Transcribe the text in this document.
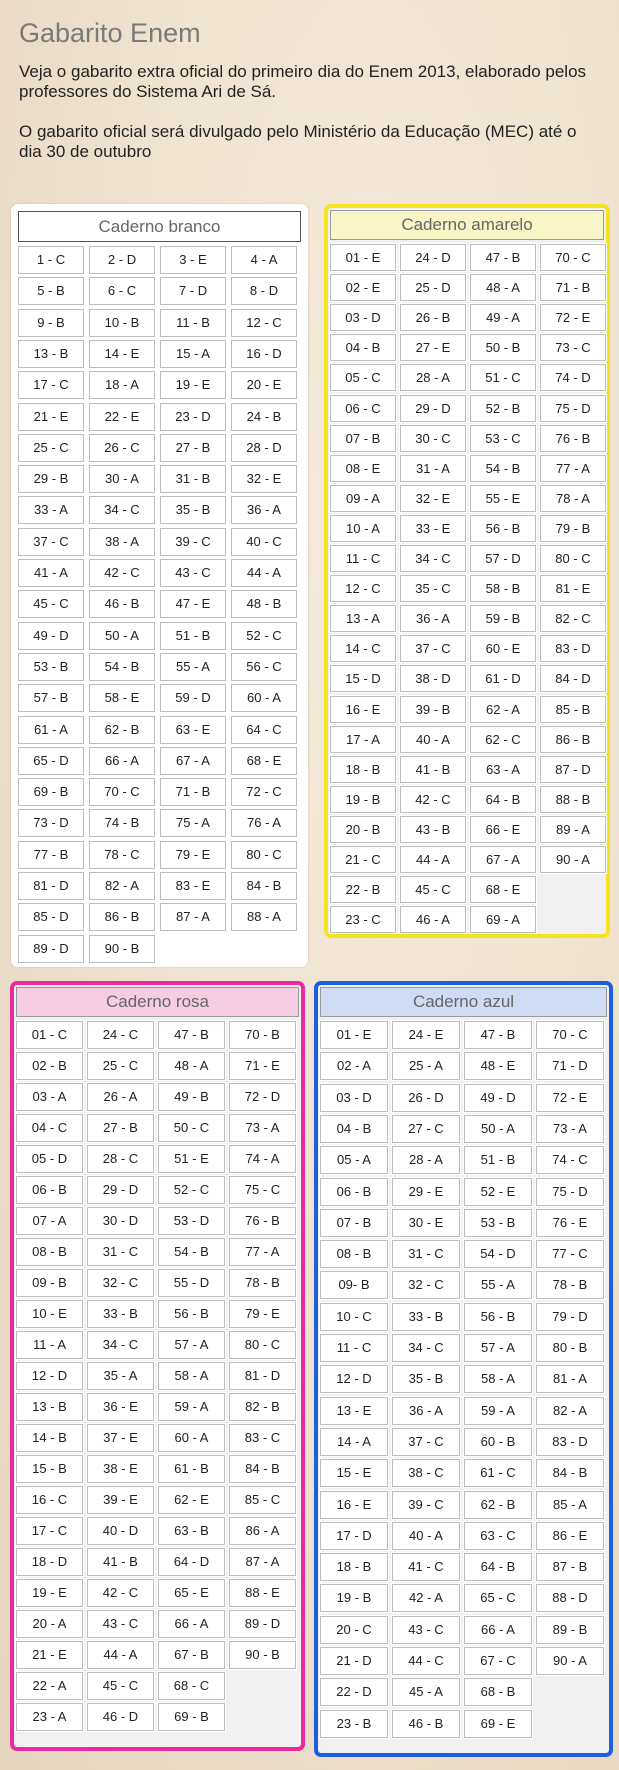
Gabarito Enem

Veja o gabarito extra oficial do primeiro dia do Enem 2013, elaborado pelos professores do Sistema Ari de Sá.

O gabarito oficial será divulgado pelo Ministério da Educação (MEC) até o dia 30 de outubro

Caderno branco
1 - C
5 - B
9 - B
13 - B
17 - C
21 - E
25 - C
29 - B
33 - A
37 - C
41 - A
45 - C
49 - D
53 - B
57 - B
61 - A
65 - D
69 - B
73 - D
77 - B
81 - D
85 - D
89 - D
2 - D
6 - C
10 - B
14 - E
18 - A
22 - E
26 - C
30 - A
34 - C
38 - A
42 - C
46 - B
50 - A
54 - B
58 - E
62 - B
66 - A
70 - C
74 - B
78 - C
82 - A
86 - B
90 - B
3 - E
7 - D
11 - B
15 - A
19 - E
23 - D
27 - B
31 - B
35 - B
39 - C
43 - C
47 - E
51 - B
55 - A
59 - D
63 - E
67 - A
71 - B
75 - A
79 - E
83 - E
87 - A
4 - A
8 - D
12 - C
16 - D
20 - E
24 - B
28 - D
32 - E
36 - A
40 - C
44 - A
48 - B
52 - C
56 - C
60 - A
64 - C
68 - E
72 - C
76 - A
80 - C
84 - B
88 - A
Caderno amarelo
01 - E
02 - E
03 - D
04 - B
05 - C
06 - C
07 - B
08 - E
09 - A
10 - A
11 - C
12 - C
13 - A
14 - C
15 - D
16 - E
17 - A
18 - B
19 - B
20 - B
21 - C
22 - B
23 - C
24 - D
25 - D
26 - B
27 - E
28 - A
29 - D
30 - C
31 - A
32 - E
33 - E
34 - C
35 - C
36 - A
37 - C
38 - D
39 - B
40 - A
41 - B
42 - C
43 - B
44 - A
45 - C
46 - A
47 - B
48 - A
49 - A
50 - B
51 - C
52 - B
53 - C
54 - B
55 - E
56 - B
57 - D
58 - B
59 - B
60 - E
61 - D
62 - A
62 - C
63 - A
64 - B
66 - E
67 - A
68 - E
69 - A
70 - C
71 - B
72 - E
73 - C
74 - D
75 - D
76 - B
77 - A
78 - A
79 - B
80 - C
81 - E
82 - C
83 - D
84 - D
85 - B
86 - B
87 - D
88 - B
89 - A
90 - A
Caderno rosa
01 - C
02 - B
03 - A
04 - C
05 - D
06 - B
07 - A
08 - B
09 - B
10 - E
11 - A
12 - D
13 - B
14 - B
15 - B
16 - C
17 - C
18 - D
19 - E
20 - A
21 - E
22 - A
23 - A
24 - C
25 - C
26 - A
27 - B
28 - C
29 - D
30 - D
31 - C
32 - C
33 - B
34 - C
35 - A
36 - E
37 - E
38 - E
39 - E
40 - D
41 - B
42 - C
43 - C
44 - A
45 - C
46 - D
47 - B
48 - A
49 - B
50 - C
51 - E
52 - C
53 - D
54 - B
55 - D
56 - B
57 - A
58 - A
59 - A
60 - A
61 - B
62 - E
63 - B
64 - D
65 - E
66 - A
67 - B
68 - C
69 - B
70 - B
71 - E
72 - D
73 - A
74 - A
75 - C
76 - B
77 - A
78 - B
79 - E
80 - C
81 - D
82 - B
83 - C
84 - B
85 - C
86 - A
87 - A
88 - E
89 - D
90 - B
Caderno azul
01 - E
02 - A
03 - D
04 - B
05 - A
06 - B
07 - B
08 - B
09- B
10 - C
11 - C
12 - D
13 - E
14 - A
15 - E
16 - E
17 - D
18 - B
19 - B
20 - C
21 - D
22 - D
23 - B
24 - E
25 - A
26 - D
27 - C
28 - A
29 - E
30 - E
31 - C
32 - C
33 - B
34 - C
35 - B
36 - A
37 - C
38 - C
39 - C
40 - A
41 - C
42 - A
43 - C
44 - C
45 - A
46 - B
47 - B
48 - E
49 - D
50 - A
51 - B
52 - E
53 - B
54 - D
55 - A
56 - B
57 - A
58 - A
59 - A
60 - B
61 - C
62 - B
63 - C
64 - B
65 - C
66 - A
67 - C
68 - B
69 - E
70 - C
71 - D
72 - E
73 - A
74 - C
75 - D
76 - E
77 - C
78 - B
79 - D
80 - B
81 - A
82 - A
83 - D
84 - B
85 - A
86 - E
87 - B
88 - D
89 - B
90 - A
